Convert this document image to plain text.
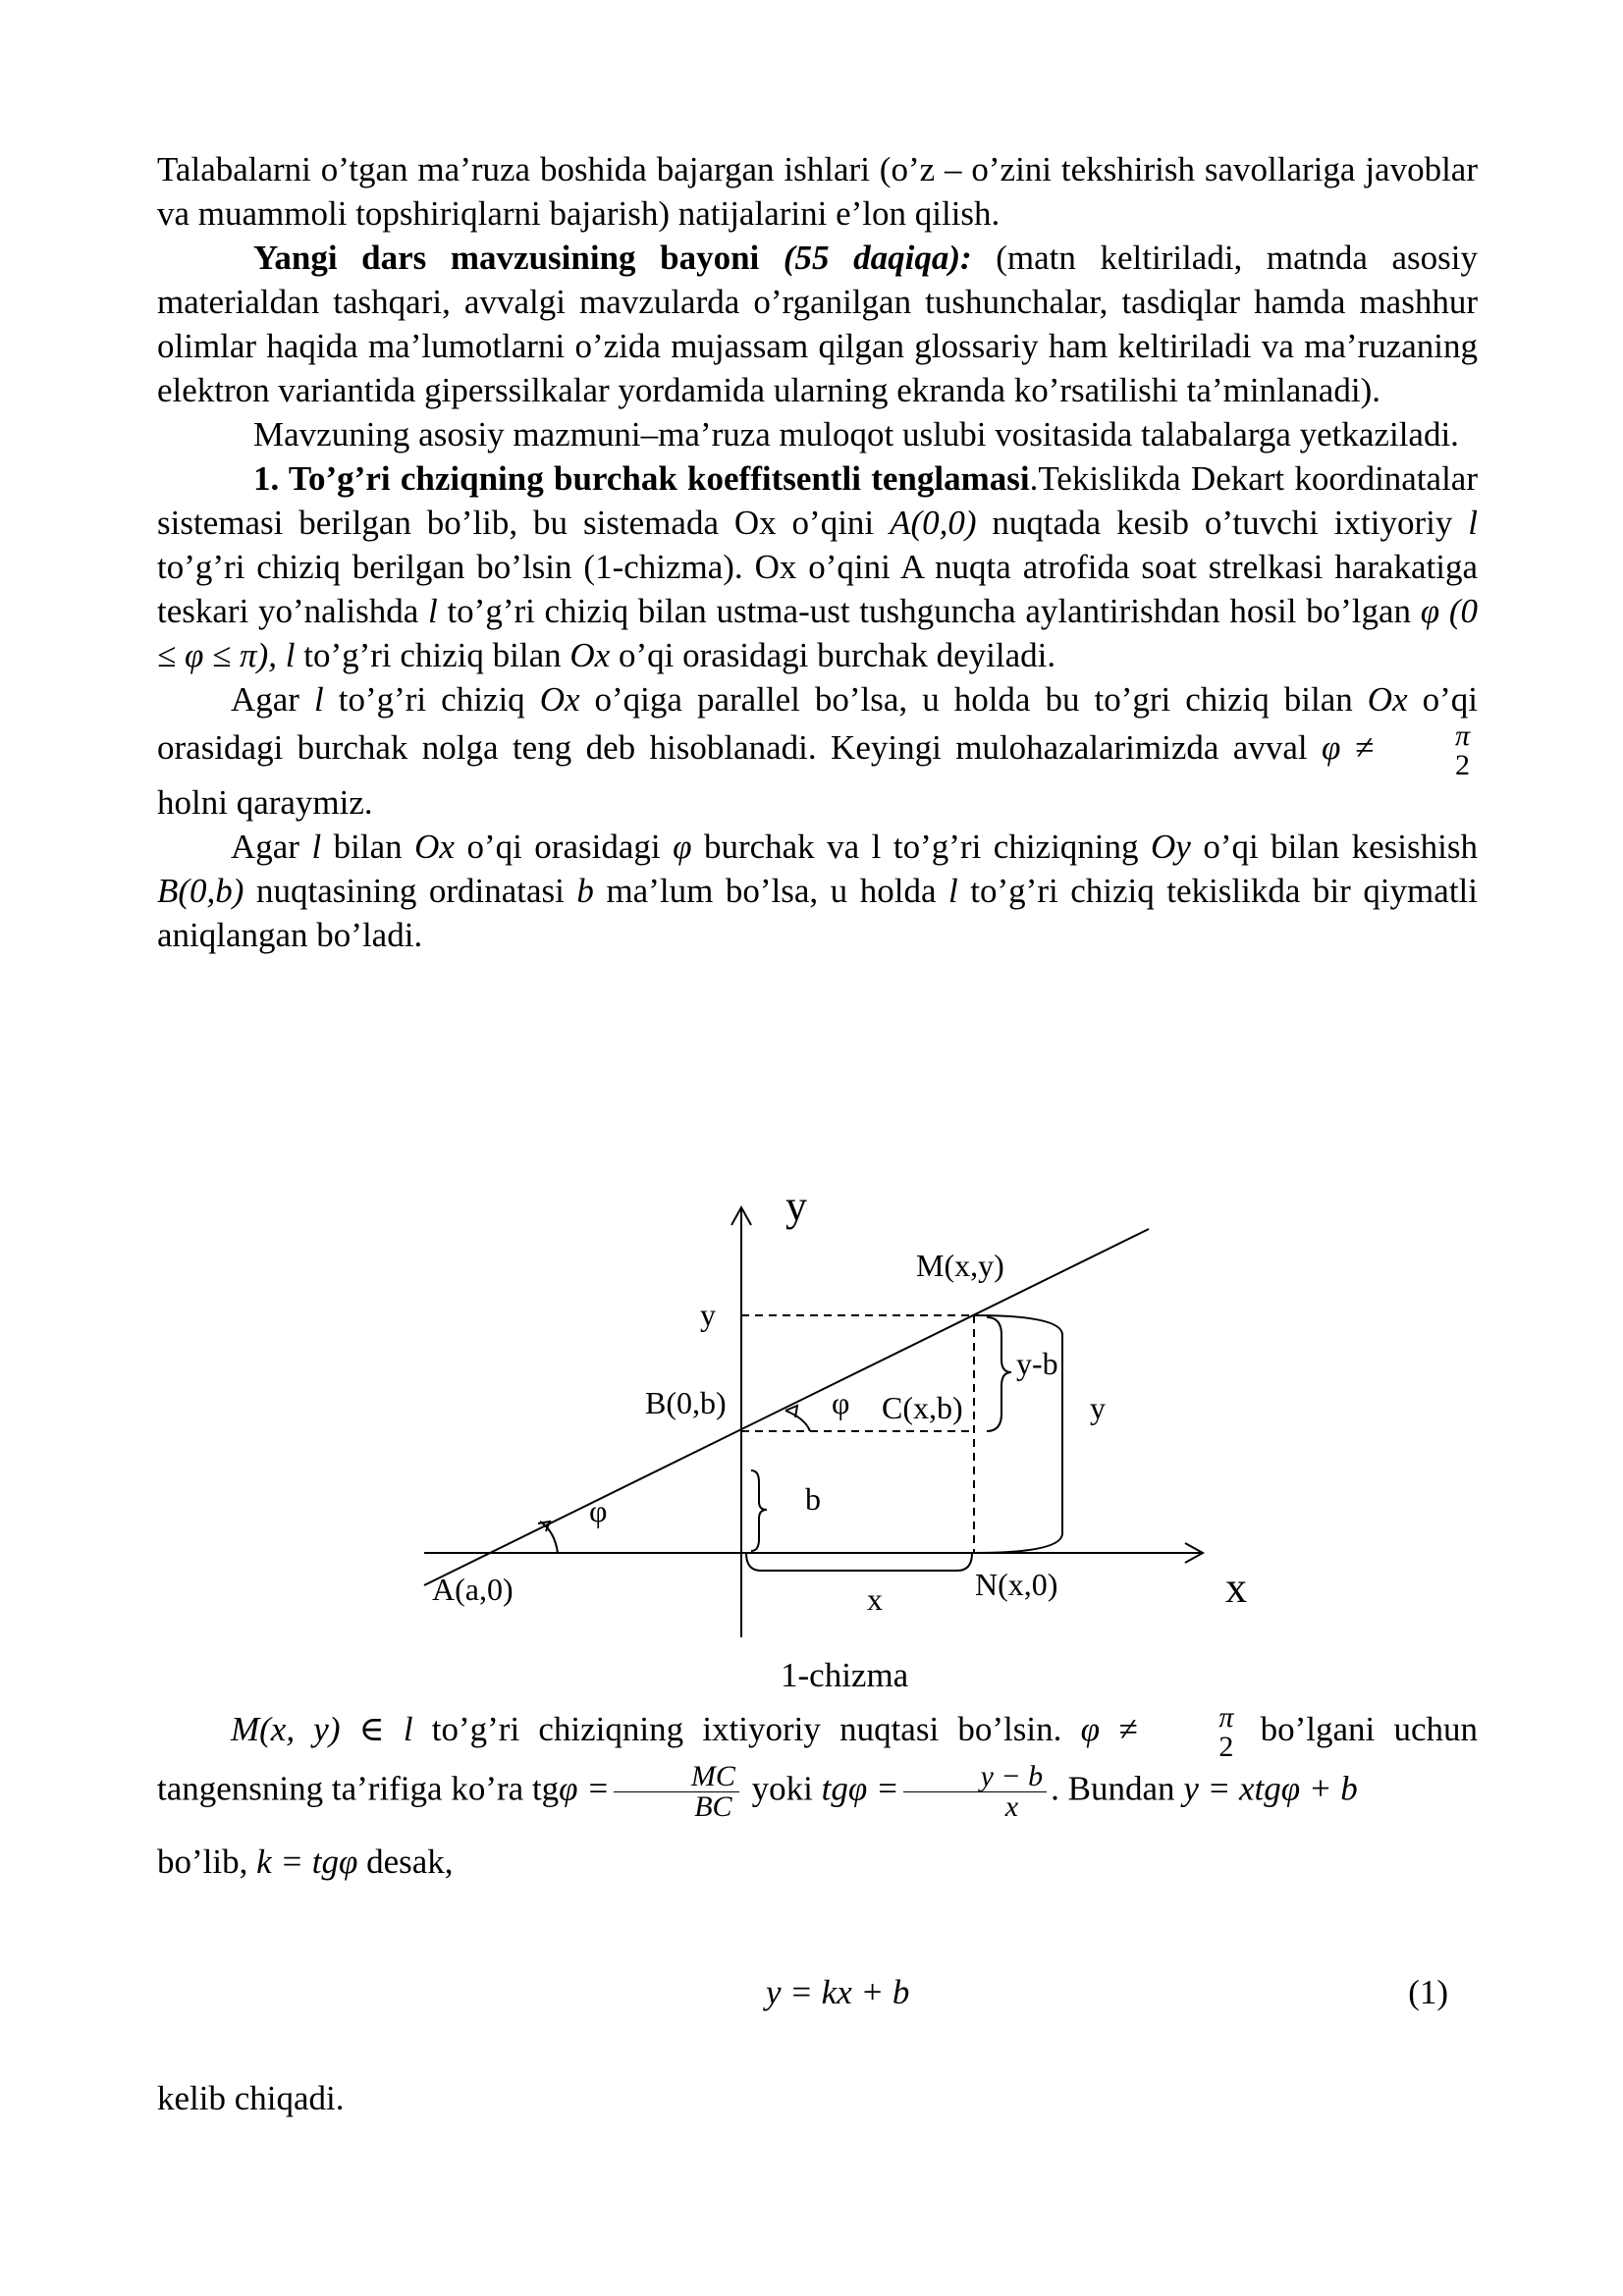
Talabalarni o’tgan ma’ruza boshida bajargan ishlari (o’z – o’zini tekshirish savollariga javoblar va muammoli topshiriqlarni bajarish) natijalarini e’lon qilish.

Yangi dars mavzusining bayoni (55 daqiqa): (matn keltiriladi, matnda asosiy materialdan tashqari, avvalgi mavzularda o’rganilgan tushunchalar, tasdiqlar hamda mashhur olimlar haqida ma’lumotlarni o’zida mujassam qilgan glossariy ham keltiriladi va ma’ruzaning elektron variantida giperssilkalar yordamida ularning ekranda ko’rsatilishi ta’minlanadi).

Mavzuning asosiy mazmuni–ma’ruza muloqot uslubi vositasida talabalarga yetkaziladi.

1. To’g’ri chziqning burchak koeffitsentli tenglamasi.Tekislikda Dekart koordinatalar sistemasi berilgan bo’lib, bu sistemada Ox o’qini A(0,0) nuqtada kesib o’tuvchi ixtiyoriy l to’g’ri chiziq berilgan bo’lsin (1-chizma). Ox o’qini A nuqta atrofida soat strelkasi harakatiga teskari yo’nalishda l to’g’ri chiziq bilan ustma-ust tushguncha aylantirishdan hosil bo’lgan φ (0 ≤ φ ≤ π), l to’g’ri chiziq bilan Ox o’qi orasidagi burchak deyiladi.

Agar l to’g’ri chiziq Ox o’qiga parallel bo’lsa, u holda bu to’gri chiziq bilan Ox o’qi orasidagi burchak nolga teng deb hisoblanadi. Keyingi mulohazalarimizda avval φ ≠	π
2
holni qaraymiz.

Agar l bilan Ox o’qi orasidagi φ burchak va l to’g’ri chiziqning Oy o’qi bilan kesishish B(0,b) nuqtasining ordinatasi b ma’lum bo’lsa, u holda l to’g’ri chiziq tekislikda bir qiymatli aniqlangan bo’ladi.

y
M(x,y)
y
y-b
B(0,b)	φ C(x,b)	y
b
φ
A(a,0)	N(x,0)
x	x
1-chizma

M(x, y) ∈ l to’g’ri chiziqning ixtiyoriy nuqtasi bo’lsin. φ ≠	π
2 bo’lgani uchun tangensning ta’rifiga ko’ra $tg\varphi = \frac{MC}{BC}$ yoki $tg\varphi = \frac{y - b}{x}$ . Bundan y = xtgφ + b

bo’lib, k = tgφ desak,

y = kx + b	(1)
kelib chiqadi.
